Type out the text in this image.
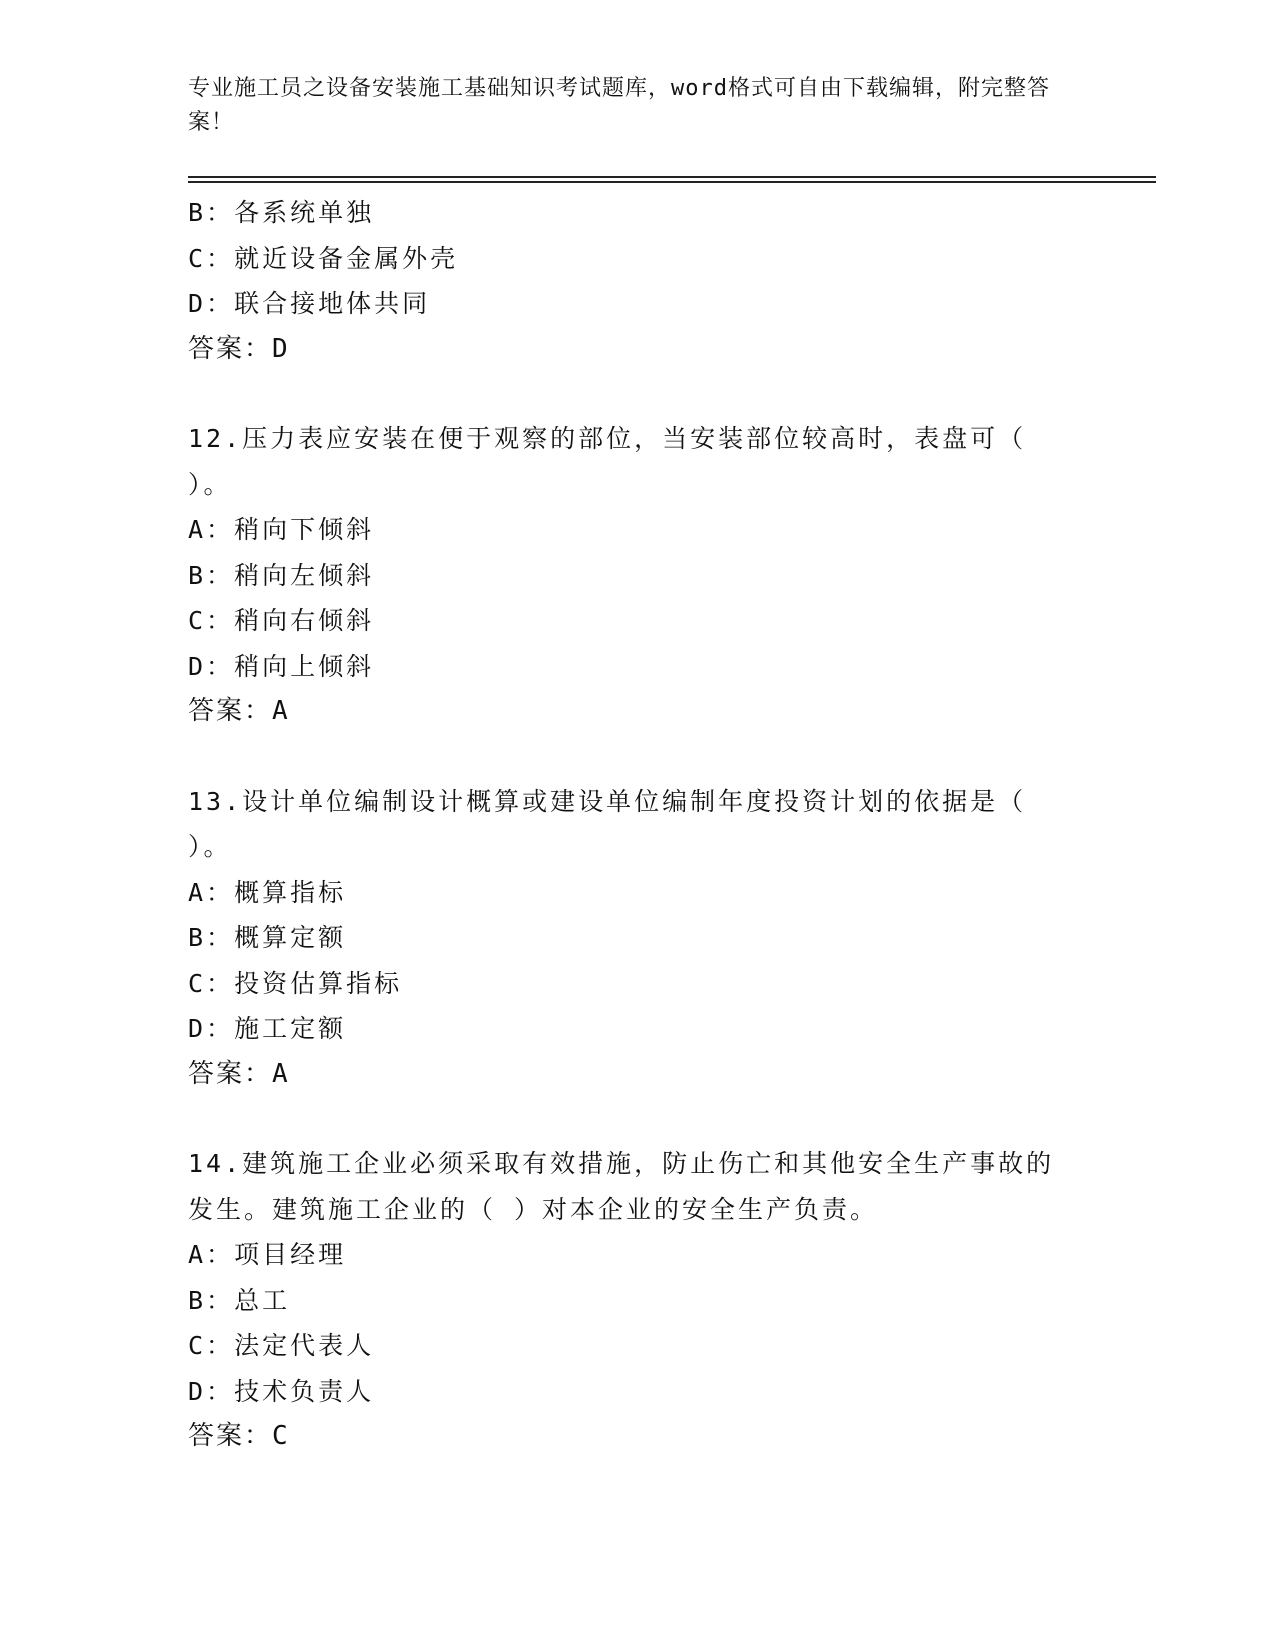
专业施工员之设备安装施工基础知识考试题库，word格式可自由下载编辑，附完整答案！
B：各系统单独
C：就近设备金属外壳
D：联合接地体共同
答案：D
12.压力表应安装在便于观察的部位，当安装部位较高时，表盘可（ ）。
A：稍向下倾斜
B：稍向左倾斜
C：稍向右倾斜
D：稍向上倾斜
答案：A
13.设计单位编制设计概算或建设单位编制年度投资计划的依据是（ ）。
A：概算指标
B：概算定额
C：投资估算指标
D：施工定额
答案：A
14.建筑施工企业必须采取有效措施，防止伤亡和其他安全生产事故的发生。建筑施工企业的（ ）对本企业的安全生产负责。
A：项目经理
B：总工
C：法定代表人
D：技术负责人
答案：C
